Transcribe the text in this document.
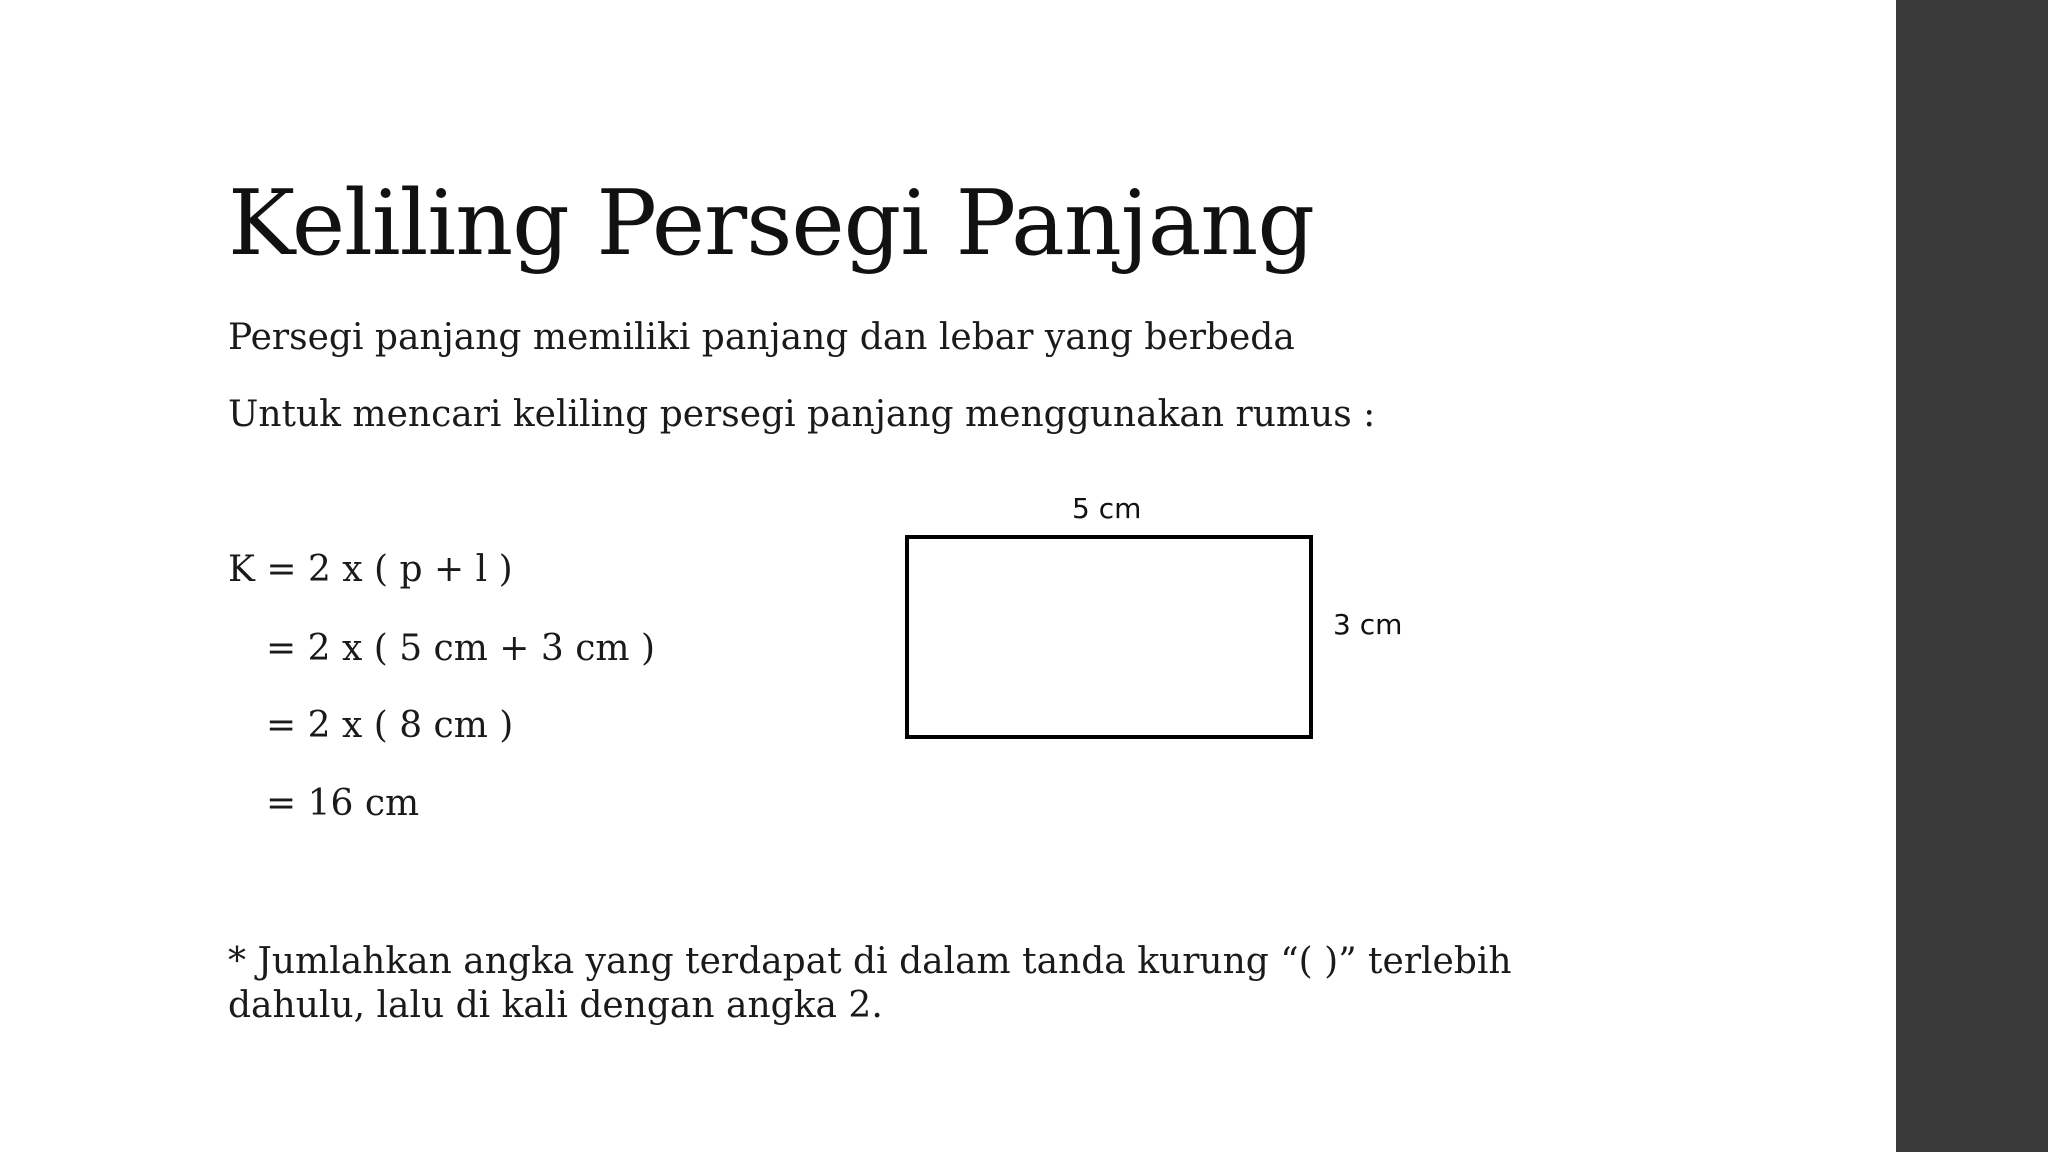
Keliling Persegi Panjang

Persegi panjang memiliki panjang dan lebar yang berbeda

Untuk mencari keliling persegi panjang menggunakan rumus :

K = 2 x ( p + l )

= 2 x ( 5 cm + 3 cm )

= 2 x ( 8 cm )

= 16 cm

5 cm
3 cm

* Jumlahkan angka yang terdapat di dalam tanda kurung “( )” terlebih dahulu, lalu di kali dengan angka 2.
